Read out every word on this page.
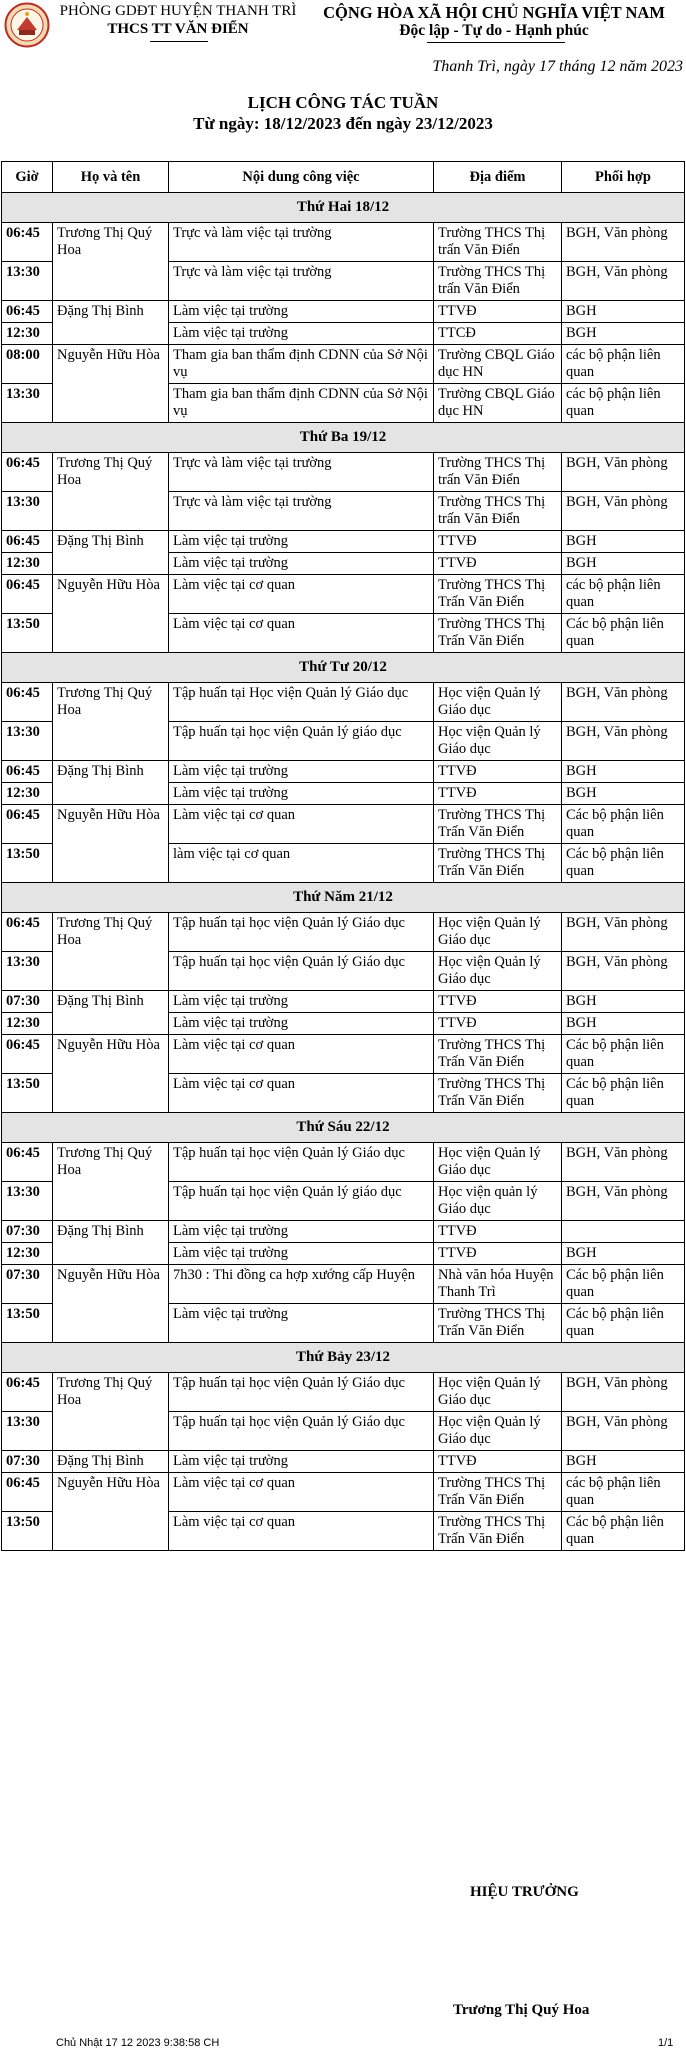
PHÒNG GDĐT HUYỆN THANH TRÌ
THCS TT VĂN ĐIỂN
CỘNG HÒA XÃ HỘI CHỦ NGHĨA VIỆT NAM
Độc lập - Tự do - Hạnh phúc
Thanh Trì, ngày 17 tháng 12 năm 2023
LỊCH CÔNG TÁC TUẦN
Từ ngày: 18/12/2023 đến ngày 23/12/2023
Giờ	Họ và tên	Nội dung công việc	Địa điểm	Phối hợp
Thứ Hai 18/12				
06:45	Trương Thị Quý Hoa	Trực và làm việc tại trường	Trường THCS Thị trấn Văn Điển	BGH, Văn phòng
13:30		Trực và làm việc tại trường	Trường THCS Thị trấn Văn Điển	BGH, Văn phòng
06:45	Đặng Thị Bình	Làm việc tại trường	TTVĐ	BGH
12:30		Làm việc tại trường	TTCĐ	BGH
08:00	Nguyễn Hữu Hòa	Tham gia ban thẩm định CDNN của Sở Nội vụ	Trường CBQL Giáo dục HN	các bộ phận liên quan
13:30		Tham gia ban thẩm định CDNN của Sở Nội vụ	Trường CBQL Giáo dục HN	các bộ phận liên quan
Thứ Ba 19/12				
06:45	Trương Thị Quý Hoa	Trực và làm việc tại trường	Trường THCS Thị trấn Văn Điển	BGH, Văn phòng
13:30		Trực và làm việc tại trường	Trường THCS Thị trấn Văn Điển	BGH, Văn phòng
06:45	Đặng Thị Bình	Làm việc tại trường	TTVĐ	BGH
12:30		Làm việc tại trường	TTVĐ	BGH
06:45	Nguyễn Hữu Hòa	Làm việc tại cơ quan	Trường THCS Thị Trấn Văn Điển	các bộ phận liên quan
13:50		Làm việc tại cơ quan	Trường THCS Thị Trấn Văn Điển	Các bộ phận liên quan
Thứ Tư 20/12				
06:45	Trương Thị Quý Hoa	Tập huấn tại Học viện Quản lý Giáo dục	Học viện Quản lý Giáo dục	BGH, Văn phòng
13:30		Tập huấn tại học viện Quản lý giáo dục	Học viện Quản lý Giáo dục	BGH, Văn phòng
06:45	Đặng Thị Bình	Làm việc tại trường	TTVĐ	BGH
12:30		Làm việc tại trường	TTVĐ	BGH
06:45	Nguyễn Hữu Hòa	Làm việc tại cơ quan	Trường THCS Thị Trấn Văn Điển	Các bộ phận liên quan
13:50		làm việc tại cơ quan	Trường THCS Thị Trấn Văn Điển	Các bộ phận liên quan
Thứ Năm 21/12				
06:45	Trương Thị Quý Hoa	Tập huấn tại học viện Quản lý Giáo dục	Học viện Quản lý Giáo dục	BGH, Văn phòng
13:30		Tập huấn tại học viện Quản lý Giáo dục	Học viện Quản lý Giáo dục	BGH, Văn phòng
07:30	Đặng Thị Bình	Làm việc tại trường	TTVĐ	BGH
12:30		Làm việc tại trường	TTVĐ	BGH
06:45	Nguyễn Hữu Hòa	Làm việc tại cơ quan	Trường THCS Thị Trấn Văn Điển	Các bộ phận liên quan
13:50		Làm việc tại cơ quan	Trường THCS Thị Trấn Văn Điển	Các bộ phận liên quan
Thứ Sáu 22/12				
06:45	Trương Thị Quý Hoa	Tập huấn tại học viện Quản lý Giáo dục	Học viện Quản lý Giáo dục	BGH, Văn phòng
13:30		Tập huấn tại học viện Quản lý giáo dục	Học viện quản lý Giáo dục	BGH, Văn phòng
07:30	Đặng Thị Bình	Làm việc tại trường	TTVĐ	
12:30		Làm việc tại trường	TTVĐ	BGH
07:30	Nguyễn Hữu Hòa	7h30 : Thi đồng ca hợp xướng cấp Huyện	Nhà văn hóa Huyện Thanh Trì	Các bộ phận liên quan
13:50		Làm việc tại trường	Trường THCS Thị Trấn Văn Điển	Các bộ phận liên quan
Thứ Bảy 23/12				
06:45	Trương Thị Quý Hoa	Tập huấn tại học viện Quản lý Giáo dục	Học viện Quản lý Giáo dục	BGH, Văn phòng
13:30		Tập huấn tại học viện Quản lý Giáo dục	Học viện Quản lý Giáo dục	BGH, Văn phòng
07:30	Đặng Thị Bình	Làm việc tại trường	TTVĐ	BGH
06:45	Nguyễn Hữu Hòa	Làm việc tại cơ quan	Trường THCS Thị Trấn Văn Điển	các bộ phận liên quan
13:50		Làm việc tại cơ quan	Trường THCS Thị Trấn Văn Điển	Các bộ phận liên quan
HIỆU TRƯỞNG
Trương Thị Quý Hoa
Chủ Nhật 17 12 2023 9:38:58 CH	1/1
